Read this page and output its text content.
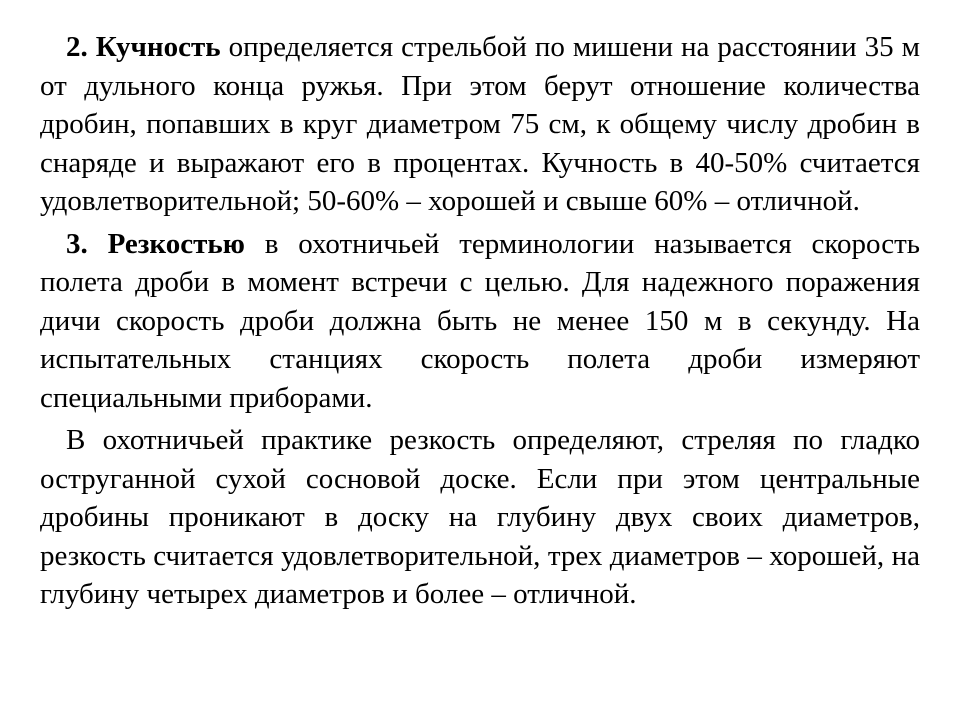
2. Кучность определяется стрельбой по мишени на расстоянии 35 м от дульного конца ружья. При этом берут отношение количества дробин, попавших в круг диаметром 75 см, к общему числу дробин в снаряде и выражают его в процентах. Кучность в 40-50% считается удовлетворительной; 50-60% – хорошей и свыше 60% – отличной.

3. Резкостью в охотничьей терминологии называется скорость полета дроби в момент встречи с целью. Для надежного поражения дичи скорость дроби должна быть не менее 150 м в секунду. На испытательных станциях скорость полета дроби измеряют специальными приборами.

В охотничьей практике резкость определяют, стреляя по гладко оструганной сухой сосновой доске. Если при этом центральные дробины проникают в доску на глубину двух своих диаметров, резкость считается удовлетворительной, трех диаметров – хорошей, на глубину четырех диаметров и более – отличной.
